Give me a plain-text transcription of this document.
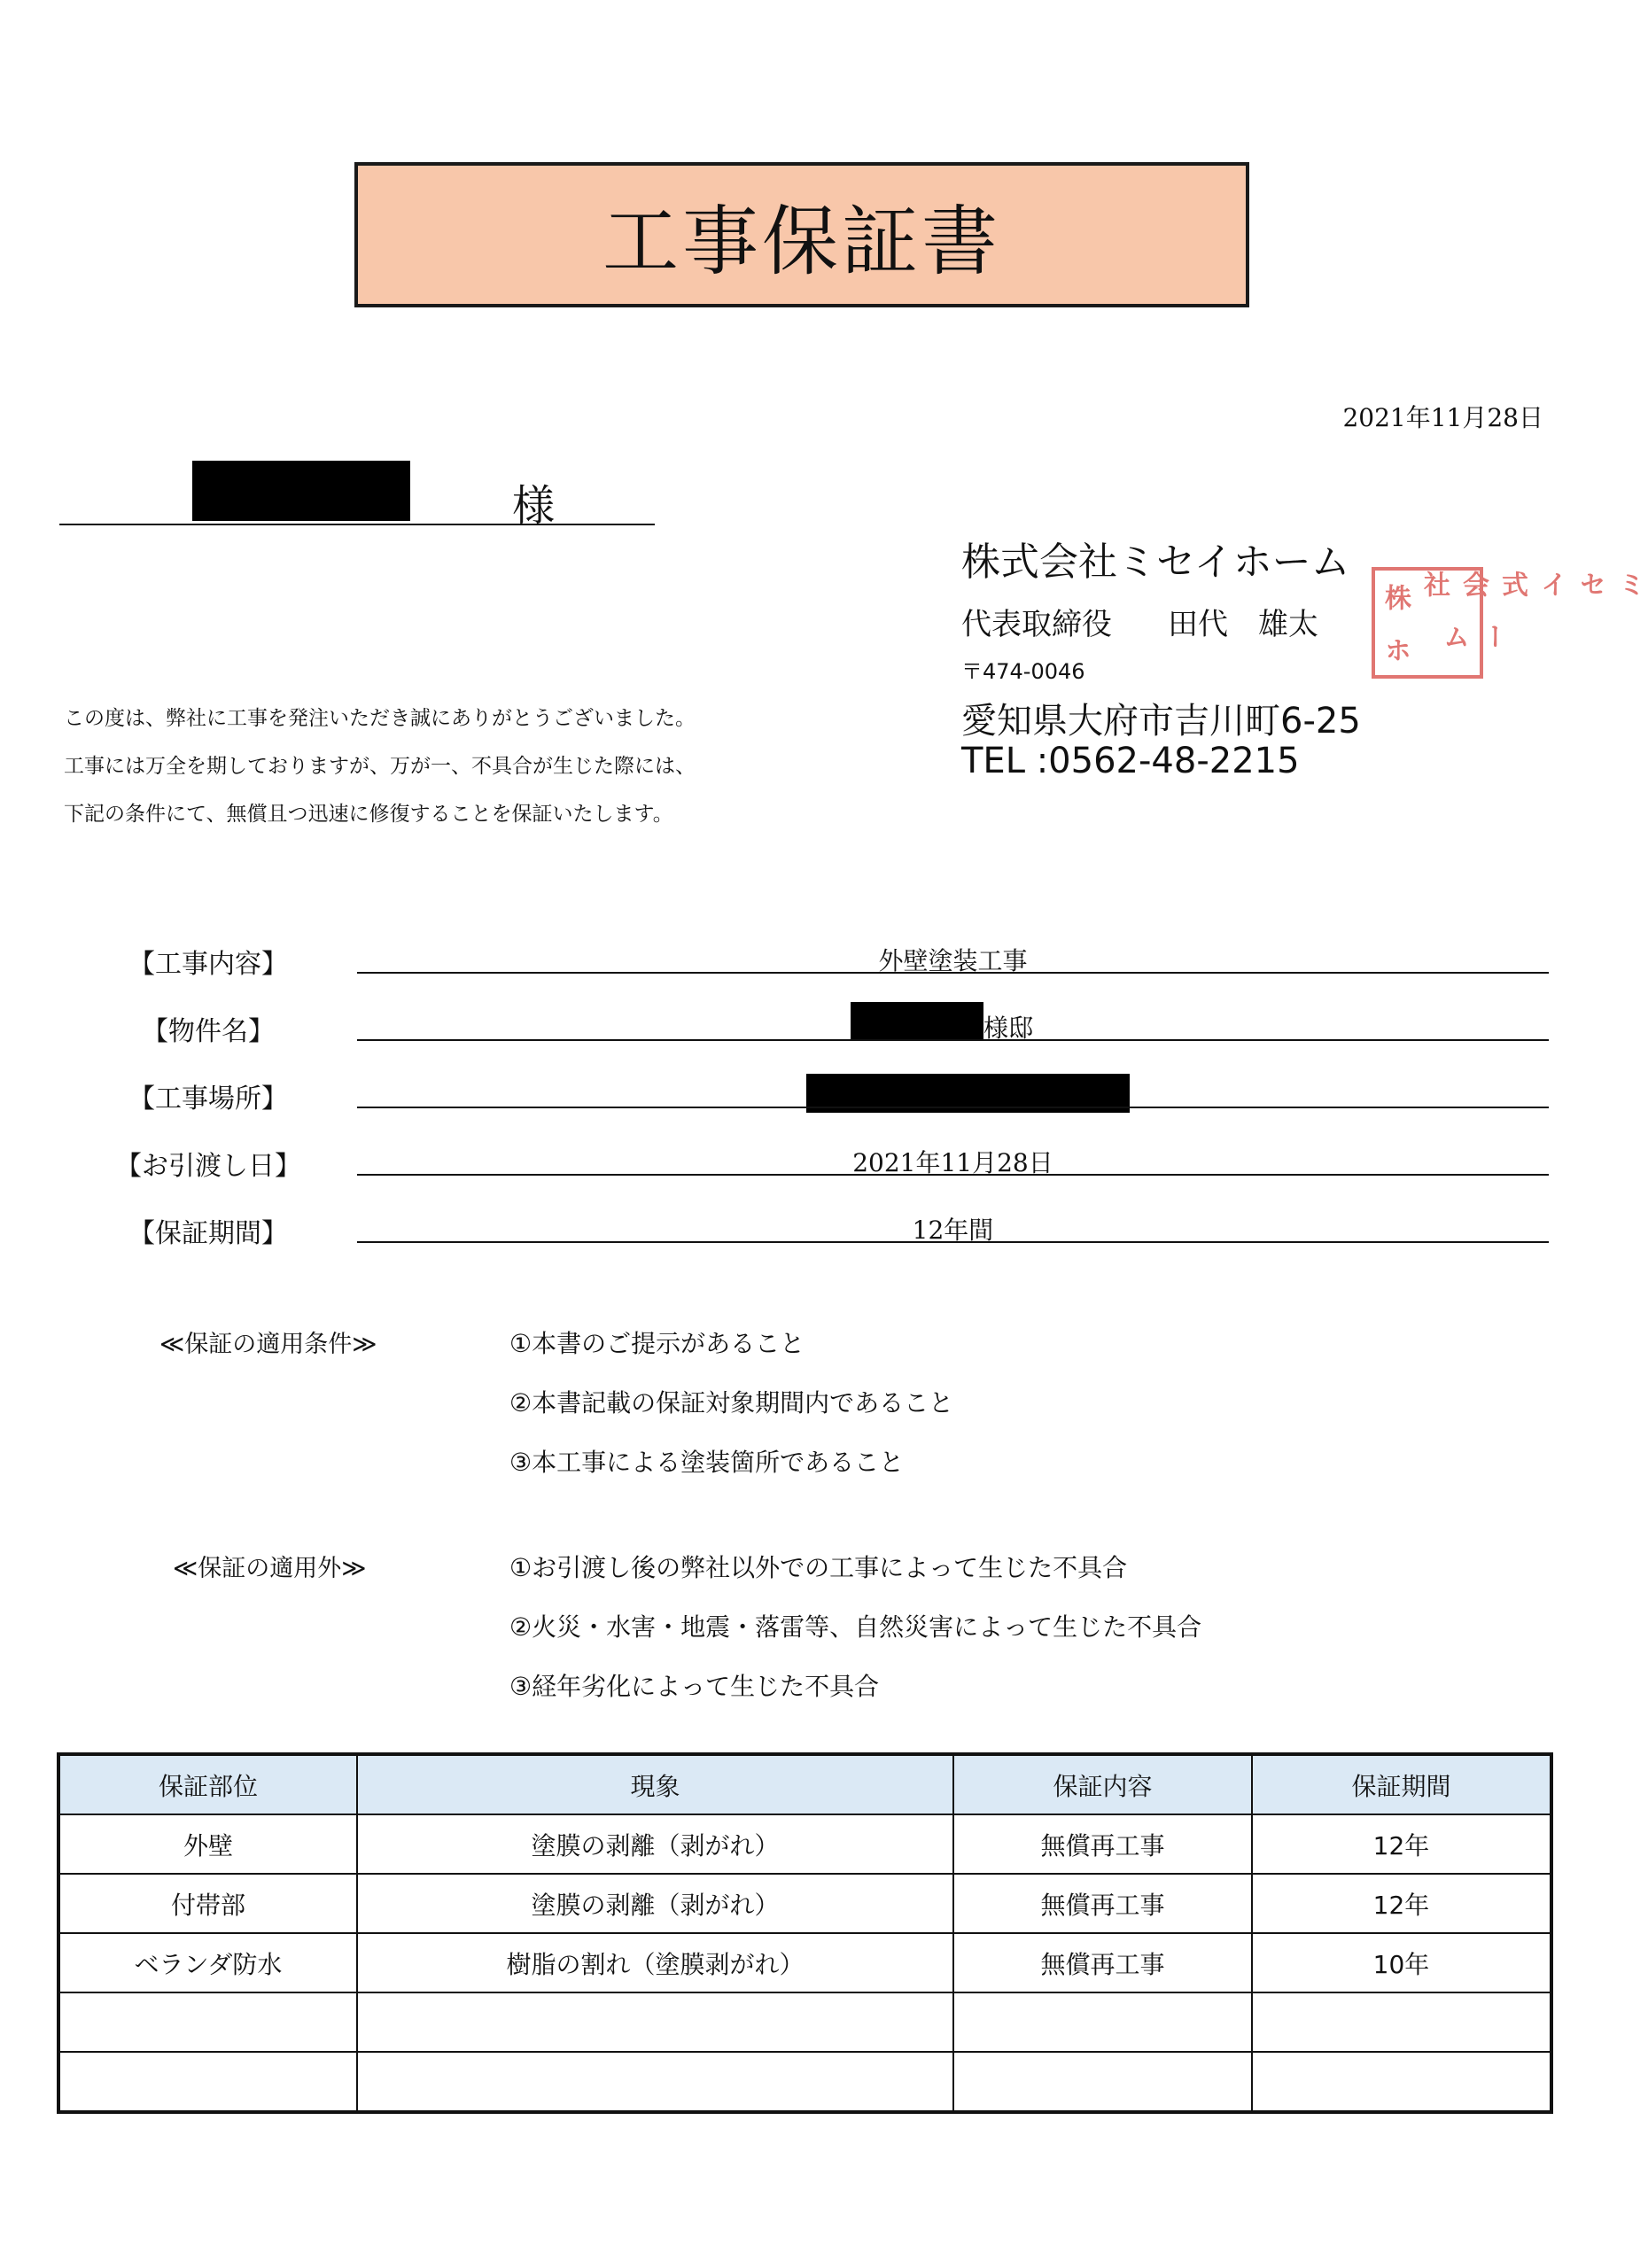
工事保証書
2021年11月28日
様
株式会社ミセイホーム
代表取締役 田代　雄太
〒474-0046
愛知県大府市吉川町6-25
TEL :0562-48-2215
株	式会社	ミセイ
ホ	ーム
この度は、弊社に工事を発注いただき誠にありがとうございました。
工事には万全を期しておりますが、万が一、不具合が生じた際には、
下記の条件にて、無償且つ迅速に修復することを保証いたします。
【工事内容】	外壁塗装工事
【物件名】	様邸
【工事場所】
【お引渡し日】	2021年11月28日
【保証期間】	12年間
≪保証の適用条件≫	①本書のご提示があること
②本書記載の保証対象期間内であること
③本工事による塗装箇所であること
≪保証の適用外≫	①お引渡し後の弊社以外での工事によって生じた不具合
②火災・水害・地震・落雷等、自然災害によって生じた不具合
③経年劣化によって生じた不具合
保証部位	現象	保証内容	保証期間
外壁	塗膜の剥離（剥がれ）	無償再工事	12年
付帯部	塗膜の剥離（剥がれ）	無償再工事	12年
ベランダ防水	樹脂の割れ（塗膜剥がれ）	無償再工事	10年
